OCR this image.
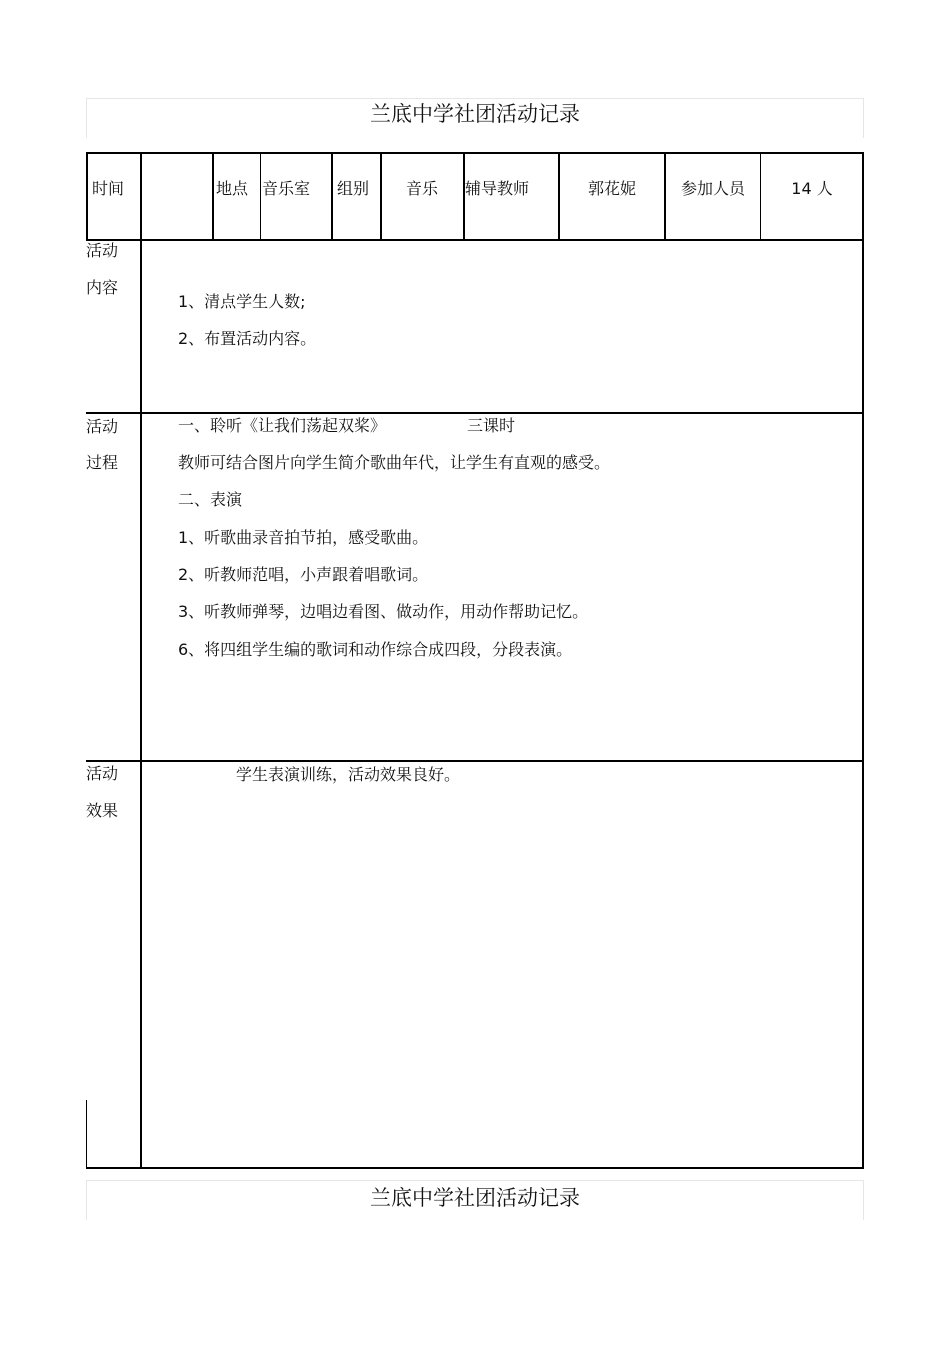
兰底中学社团活动记录
时间	地点 音乐室 组别	音乐	辅导教师	郭花妮	参加人员	14 人
活动
内容
1、清点学生人数;
2、布置活动内容。
活动
过程
一、聆听《让我们荡起双桨》	三课时
教师可结合图片向学生简介歌曲年代，让学生有直观的感受。
二、表演
1、听歌曲录音拍节拍，感受歌曲。
2、听教师范唱，小声跟着唱歌词。
3、听教师弹琴，边唱边看图、做动作，用动作帮助记忆。
6、将四组学生编的歌词和动作综合成四段，分段表演。
活动
效果
学生表演训练，活动效果良好。
兰底中学社团活动记录
